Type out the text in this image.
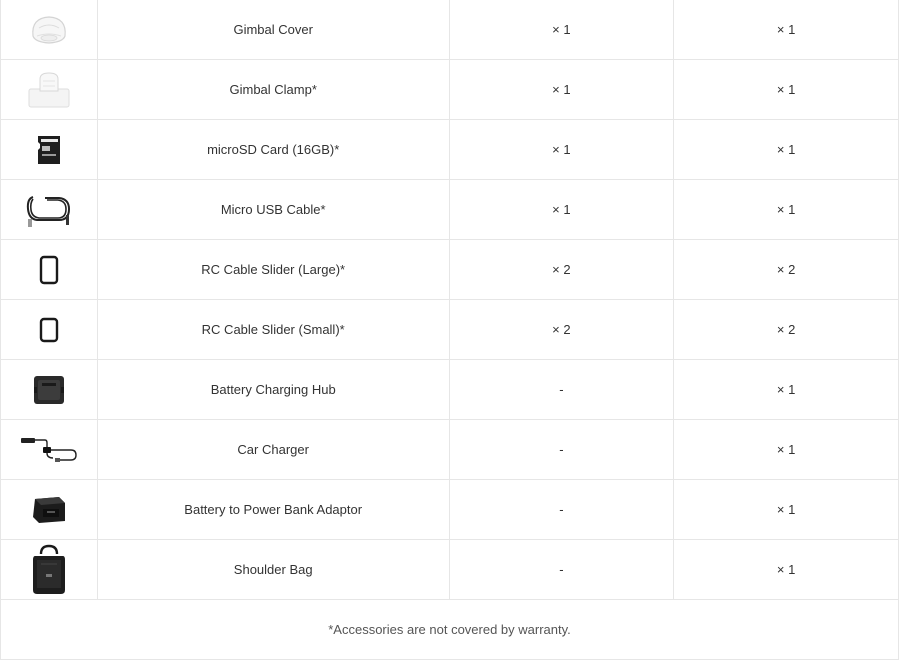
Gimbal Cover	× 1	× 1
Gimbal Clamp*	× 1	× 1
microSD Card (16GB)*	× 1	× 1
Micro USB Cable*	× 1	× 1
RC Cable Slider (Large)*	× 2	× 2
RC Cable Slider (Small)*	× 2	× 2
Battery Charging Hub	-	× 1
Car Charger	-	× 1
Battery to Power Bank Adaptor	-	× 1
Shoulder Bag	-	× 1
*Accessories are not covered by warranty.
